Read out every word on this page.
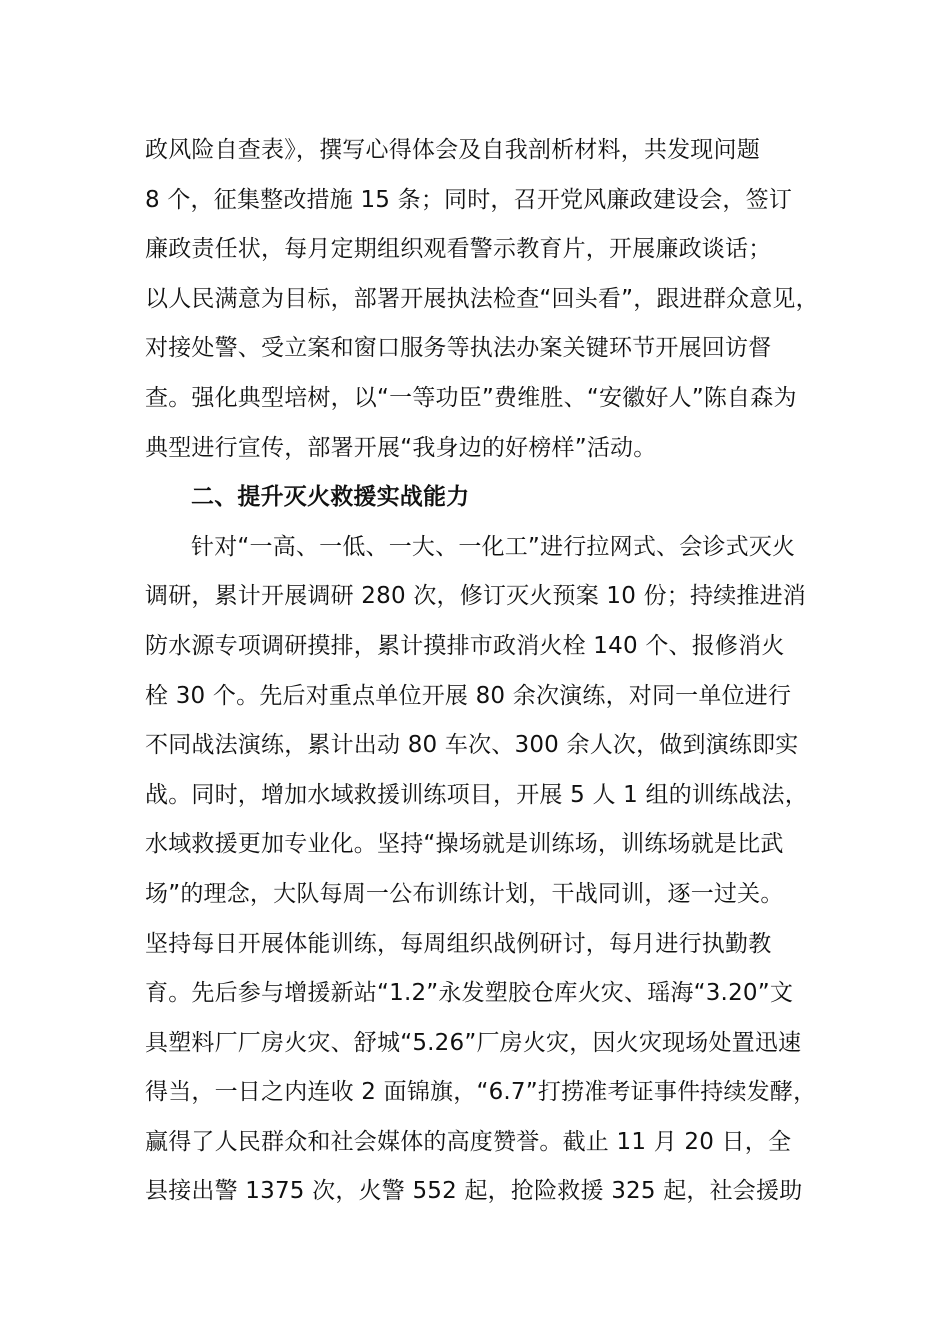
政风险自查表》，撰写心得体会及自我剖析材料，共发现问题
8 个，征集整改措施 15 条；同时，召开党风廉政建设会，签订
廉政责任状，每月定期组织观看警示教育片，开展廉政谈话；
以人民满意为目标，部署开展执法检查“回头看”，跟进群众意见，
对接处警、受立案和窗口服务等执法办案关键环节开展回访督
查。强化典型培树，以“一等功臣”费维胜、“安徽好人”陈自森为
典型进行宣传，部署开展“我身边的好榜样”活动。
二、提升灭火救援实战能力
针对“一高、一低、一大、一化工”进行拉网式、会诊式灭火
调研，累计开展调研 280 次，修订灭火预案 10 份；持续推进消
防水源专项调研摸排，累计摸排市政消火栓 140 个、报修消火
栓 30 个。先后对重点单位开展 80 余次演练，对同一单位进行
不同战法演练，累计出动 80 车次、300 余人次，做到演练即实
战。同时，增加水域救援训练项目，开展 5 人 1 组的训练战法，
水域救援更加专业化。坚持“操场就是训练场，训练场就是比武
场”的理念，大队每周一公布训练计划，干战同训，逐一过关。
坚持每日开展体能训练，每周组织战例研讨，每月进行执勤教
育。先后参与增援新站“1.2”永发塑胶仓库火灾、瑶海“3.20”文
具塑料厂厂房火灾、舒城“5.26”厂房火灾，因火灾现场处置迅速
得当，一日之内连收 2 面锦旗，“6.7”打捞准考证事件持续发酵，
赢得了人民群众和社会媒体的高度赞誉。截止 11 月 20 日，全
县接出警 1375 次，火警 552 起，抢险救援 325 起，社会援助
